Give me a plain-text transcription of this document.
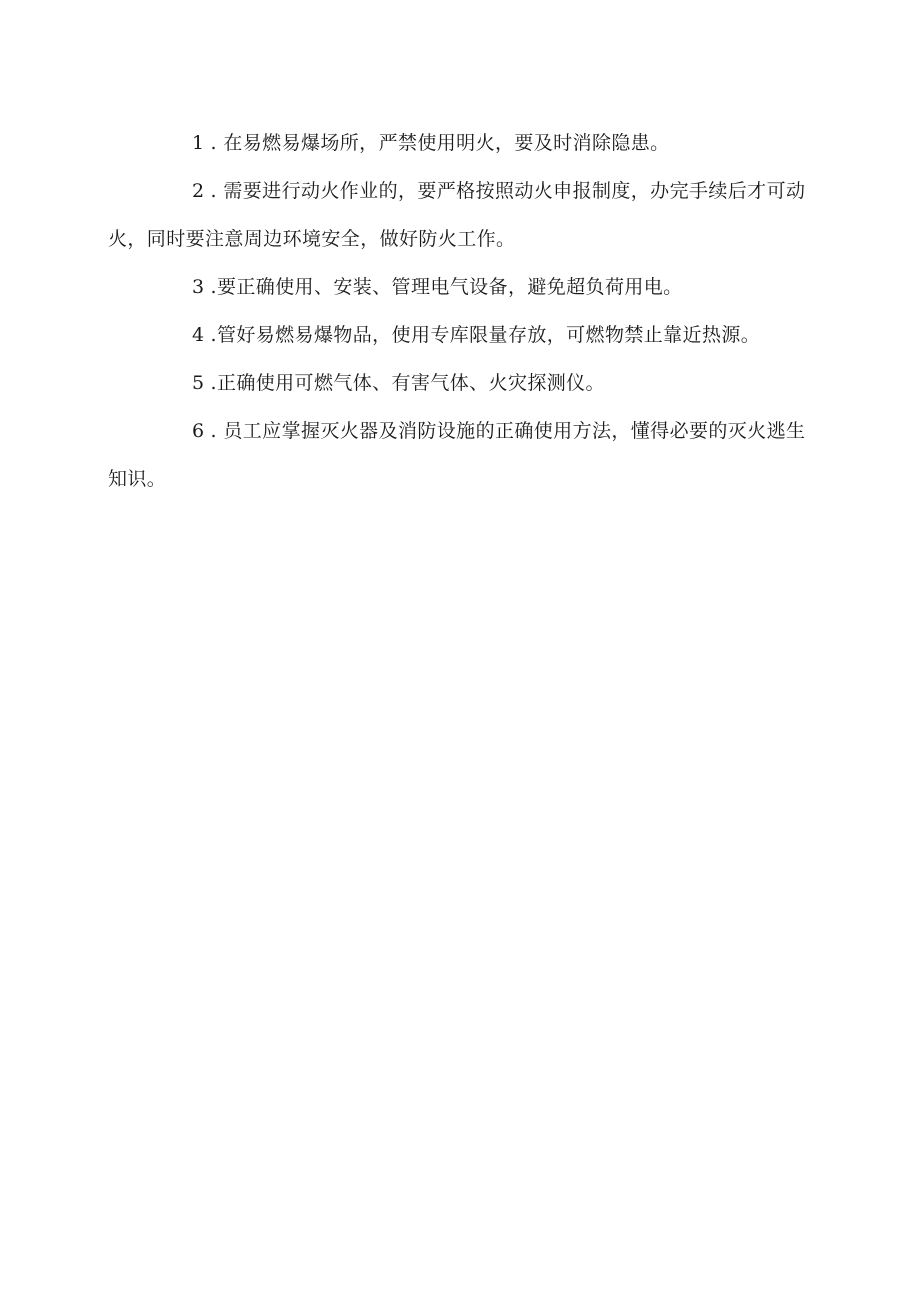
1 . 在易燃易爆场所，严禁使用明火，要及时消除隐患。

2 . 需要进行动火作业的，要严格按照动火申报制度，办完手续后才可动火，同时要注意周边环境安全，做好防火工作。

3 .要正确使用、安装、管理电气设备，避免超负荷用电。

4 .管好易燃易爆物品，使用专库限量存放，可燃物禁止靠近热源。

5 .正确使用可燃气体、有害气体、火灾探测仪。

6 . 员工应掌握灭火器及消防设施的正确使用方法，懂得必要的灭火逃生知识。
